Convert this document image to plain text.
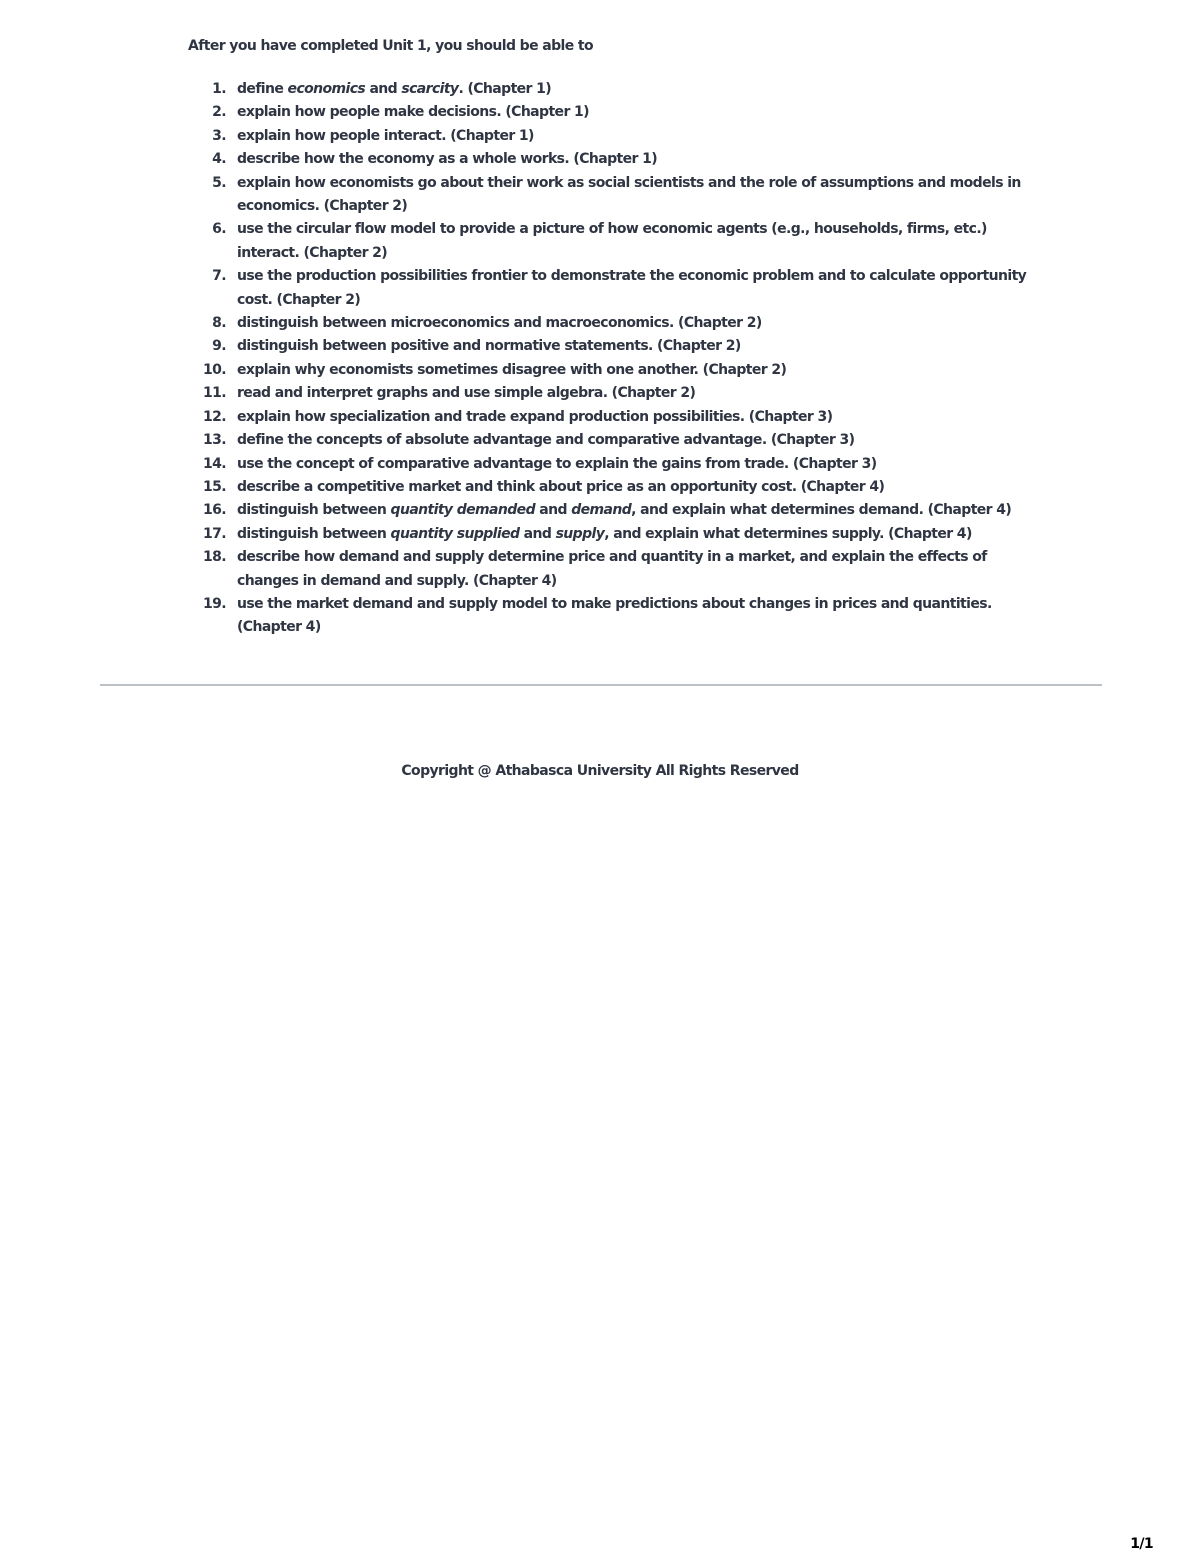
After you have completed Unit 1, you should be able to

1. define economics and scarcity. (Chapter 1)
2. explain how people make decisions. (Chapter 1)
3. explain how people interact. (Chapter 1)
4. describe how the economy as a whole works. (Chapter 1)
5. explain how economists go about their work as social scientists and the role of assumptions and models in economics. (Chapter 2)
6. use the circular flow model to provide a picture of how economic agents (e.g., households, firms, etc.) interact. (Chapter 2)
7. use the production possibilities frontier to demonstrate the economic problem and to calculate opportunity cost. (Chapter 2)
8. distinguish between microeconomics and macroeconomics. (Chapter 2)
9. distinguish between positive and normative statements. (Chapter 2)
10. explain why economists sometimes disagree with one another. (Chapter 2)
11. read and interpret graphs and use simple algebra. (Chapter 2)
12. explain how specialization and trade expand production possibilities. (Chapter 3)
13. define the concepts of absolute advantage and comparative advantage. (Chapter 3)
14. use the concept of comparative advantage to explain the gains from trade. (Chapter 3)
15. describe a competitive market and think about price as an opportunity cost. (Chapter 4)
16. distinguish between quantity demanded and demand, and explain what determines demand. (Chapter 4)
17. distinguish between quantity supplied and supply, and explain what determines supply. (Chapter 4)
18. describe how demand and supply determine price and quantity in a market, and explain the effects of changes in demand and supply. (Chapter 4)
19. use the market demand and supply model to make predictions about changes in prices and quantities. (Chapter 4)

Copyright @ Athabasca University All Rights Reserved

1/1
